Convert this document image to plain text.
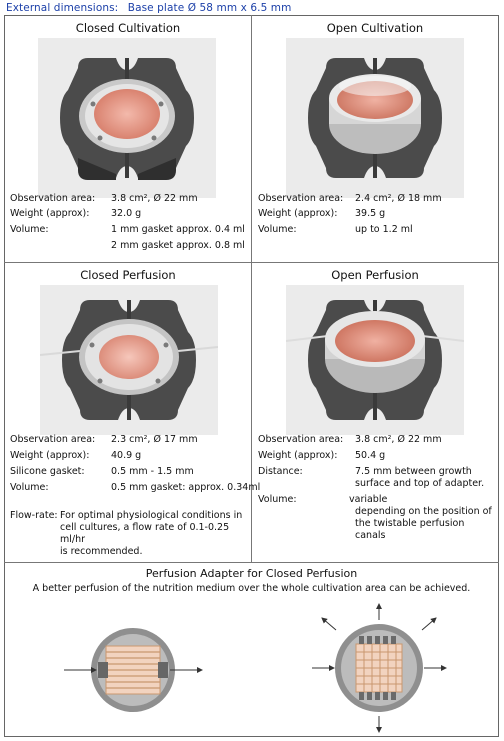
External dimensions: Base plate Ø 58 mm x 6.5 mm
Closed Cultivation
Observation area: 3.8 cm², Ø 22 mm
Weight (approx): 32.0 g
Volume:	1 mm gasket approx. 0.4 ml
2 mm gasket approx. 0.8 ml
Open Cultivation
Observation area: 2.4 cm², Ø 18 mm
Weight (approx): 39.5 g
Volume:	up to 1.2 ml
Closed Perfusion
Observation area: 2.3 cm², Ø 17 mm
Weight (approx): 40.9 g
Silicone gasket:	0.5 mm - 1.5 mm
Volume:	0.5 mm gasket: approx. 0.34ml
Flow-rate: For optimal physiological conditions in
cell cultures, a flow rate of 0.1-0.25 ml/hr
is recommended.
Open Perfusion
Observation area: 3.8 cm², Ø 22 mm
Weight (approx): 50.4 g
Distance:	7.5 mm between growth
surface and top of adapter.
Volume:	variable
depending on the position of
the twistable perfusion canals
Perfusion Adapter for Closed Perfusion
A better perfusion of the nutrition medium over the whole cultivation area can be achieved.
